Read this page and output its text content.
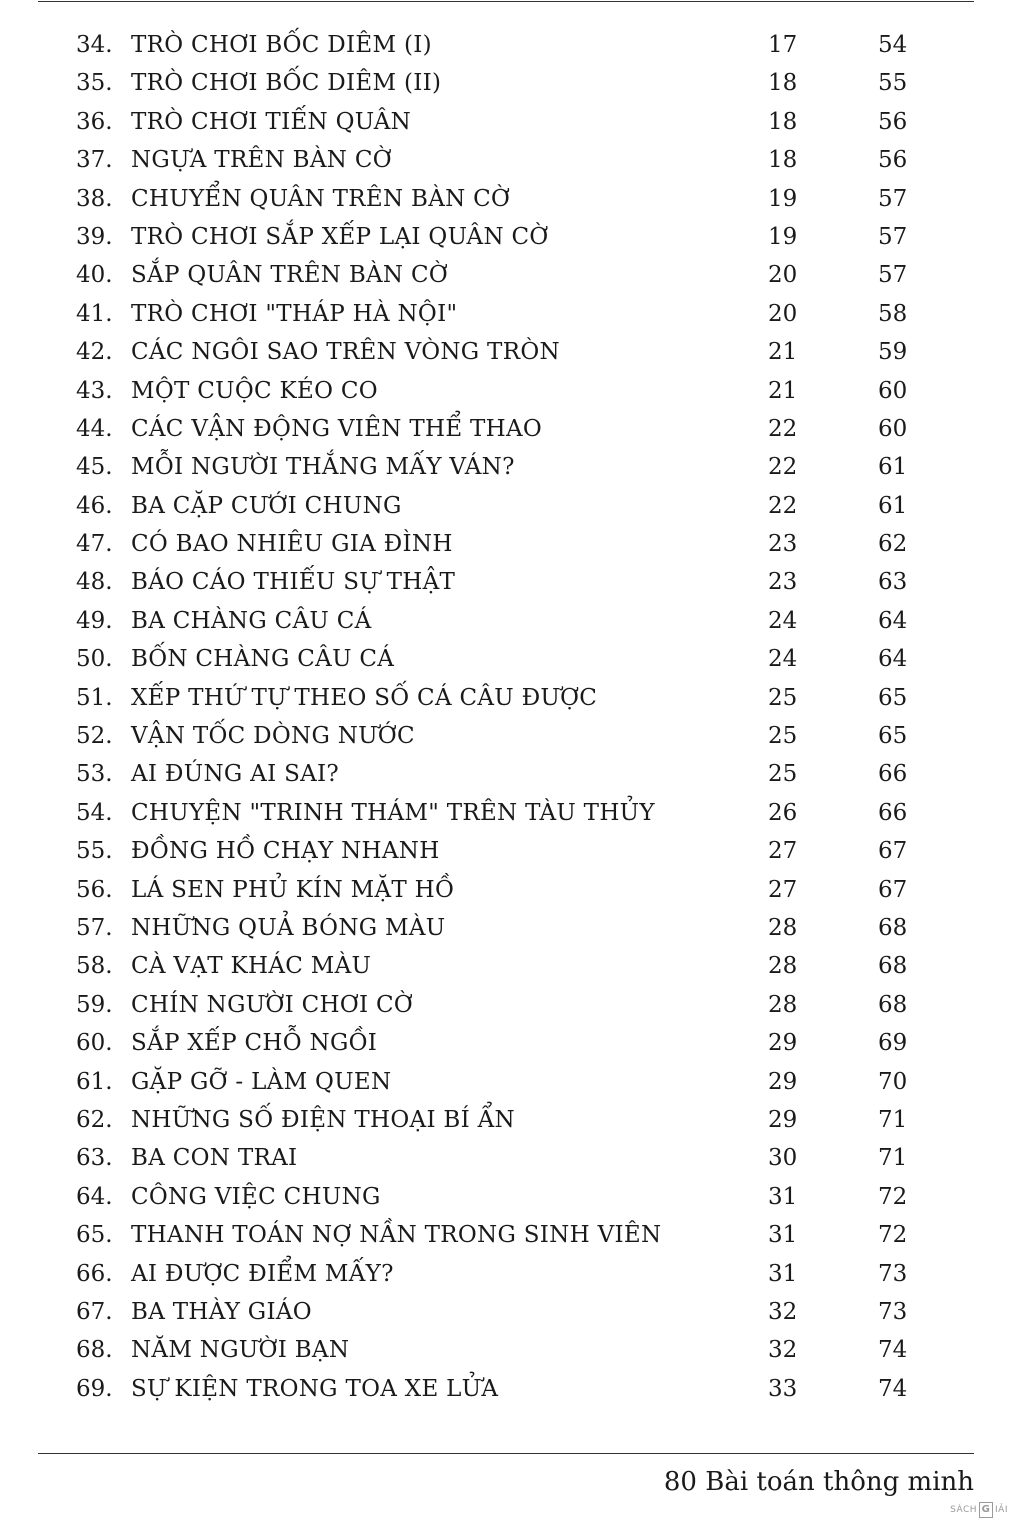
34. TRÒ CHƠI BỐC DIÊM (I)	17	54
35. TRÒ CHƠI BỐC DIÊM (II)	18	55
36. TRÒ CHƠI TIẾN QUÂN	18	56
37. NGỰA TRÊN BÀN CỜ	18	56
38. CHUYỂN QUÂN TRÊN BÀN CỜ	19	57
39. TRÒ CHƠI SẮP XẾP LẠI QUÂN CỜ	19	57
40. SẮP QUÂN TRÊN BÀN CỜ	20	57
41. TRÒ CHƠI "THÁP HÀ NỘI"	20	58
42. CÁC NGÔI SAO TRÊN VÒNG TRÒN	21	59
43. MỘT CUỘC KÉO CO	21	60
44. CÁC VẬN ĐỘNG VIÊN THỂ THAO	22	60
45. MỖI NGƯỜI THẮNG MẤY VÁN?	22	61
46. BA CẶP CƯỚI CHUNG	22	61
47. CÓ BAO NHIÊU GIA ĐÌNH	23	62
48. BÁO CÁO THIẾU SỰ THẬT	23	63
49. BA CHÀNG CÂU CÁ	24	64
50. BỐN CHÀNG CÂU CÁ	24	64
51. XẾP THỨ TỰ THEO SỐ CÁ CÂU ĐƯỢC	25	65
52. VẬN TỐC DÒNG NƯỚC	25	65
53. AI ĐÚNG AI SAI?	25	66
54. CHUYỆN "TRINH THÁM" TRÊN TÀU THỦY	26	66
55. ĐỒNG HỒ CHẠY NHANH	27	67
56. LÁ SEN PHỦ KÍN MẶT HỒ	27	67
57. NHỮNG QUẢ BÓNG MÀU	28	68
58. CÀ VẠT KHÁC MÀU	28	68
59. CHÍN NGƯỜI CHƠI CỜ	28	68
60. SẮP XẾP CHỖ NGỒI	29	69
61. GẶP GỠ - LÀM QUEN	29	70
62. NHỮNG SỐ ĐIỆN THOẠI BÍ ẨN	29	71
63. BA CON TRAI	30	71
64. CÔNG VIỆC CHUNG	31	72
65. THANH TOÁN NỢ NẦN TRONG SINH VIÊN	31	72
66. AI ĐƯỢC ĐIỂM MẤY?	31	73
67. BA THÀY GIÁO	32	73
68. NĂM NGƯỜI BẠN	32	74
69. SỰ KIỆN TRONG TOA XE LỬA	33	74
80 Bài toán thông minh
SÁCH G IẢI
